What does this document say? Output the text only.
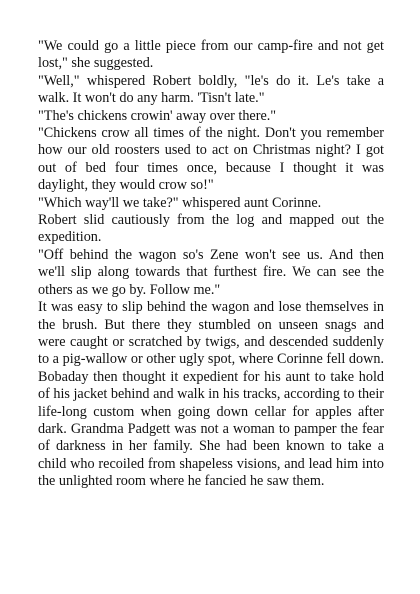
"We could go a little piece from our camp-fire and not get lost," she suggested.

"Well," whispered Robert boldly, "le's do it. Le's take a walk. It won't do any harm. 'Tisn't late."

"The's chickens crowin' away over there."

"Chickens crow all times of the night. Don't you remember how our old roosters used to act on Christmas night? I got out of bed four times once, because I thought it was daylight, they would crow so!"

"Which way'll we take?" whispered aunt Corinne.

Robert slid cautiously from the log and mapped out the expedition.

"Off behind the wagon so's Zene won't see us. And then we'll slip along towards that furthest fire. We can see the others as we go by. Follow me."

It was easy to slip behind the wagon and lose themselves in the brush. But there they stumbled on unseen snags and were caught or scratched by twigs, and descended suddenly to a pig-wallow or other ugly spot, where Corinne fell down. Bobaday then thought it expedient for his aunt to take hold of his jacket behind and walk in his tracks, according to their life-long custom when going down cellar for apples after dark. Grandma Padgett was not a woman to pamper the fear of darkness in her family. She had been known to take a child who recoiled from shapeless visions, and lead him into the unlighted room where he fancied he saw them.
